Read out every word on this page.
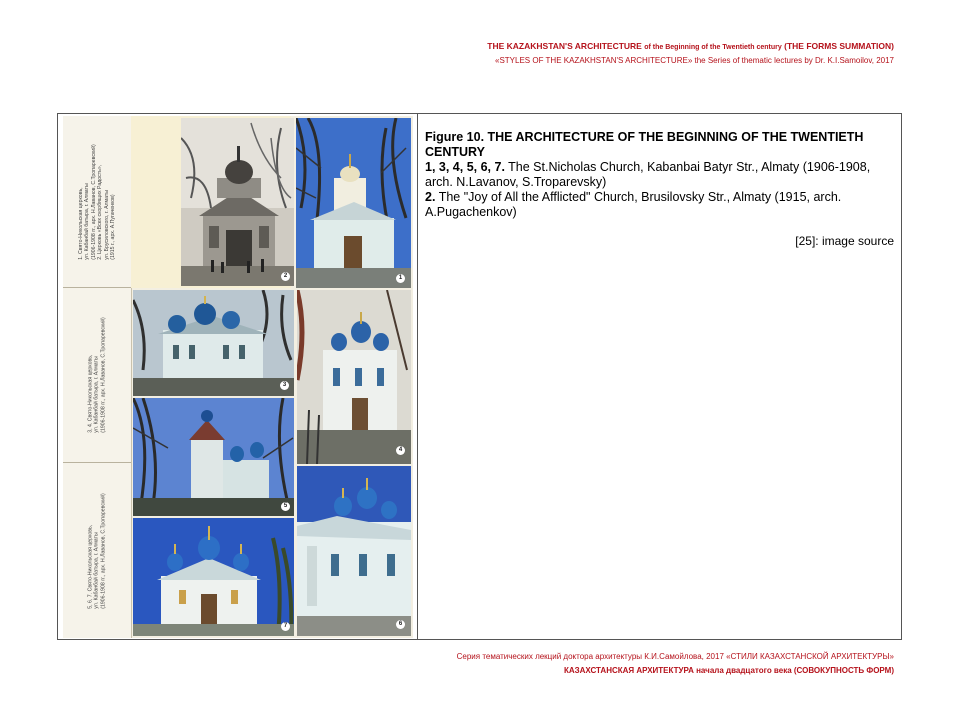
THE KAZAKHSTAN'S ARCHITECTURE of the Beginning of the Twentieth century (THE FORMS SUMMATION)
«STYLES OF THE KAZAKHSTAN'S ARCHITECTURE» the Series of thematic lectures by Dr. K.I.Samoilov, 2017
1. Свято-Никольская церковь,
ул. Кабанбай батыра, г. Алматы
(1906-1908 гг., арх. Н.Лаванов, С.Тропаревский)
2. Церковь «Всех скорбящих Радость»,
ул. Брусиловского, г. Алматы
(1915 г., арх. А.Пугаченков)
3, 4. Свято-Никольская церковь,
ул. Кабанбай батыра, г. Алматы
(1906-1908 гг., арх. Н.Лаванов, С.Тропаревский)
5, 6, 7. Свято-Никольская церковь,
ул. Кабанбай батыра, г. Алматы
(1906-1908 гг., арх. Н.Лаванов, С.Тропаревский)
2	1
3
4
5
6
7
Figure 10. THE ARCHITECTURE OF THE BEGINNING OF THE TWENTIETH CENTURY
1, 3, 4, 5, 6, 7. The St.Nicholas Church, Kabanbai Batyr Str., Almaty (1906-1908, arch. N.Lavanov, S.Troparevsky)
2. The "Joy of All the Afflicted" Church, Brusilovsky Str., Almaty (1915, arch. A.Pugachenkov)
[25]: image source
Серия тематических лекций доктора архитектуры К.И.Самойлова, 2017 «СТИЛИ КАЗАХСТАНСКОЙ АРХИТЕКТУРЫ»
КАЗАХСТАНСКАЯ АРХИТЕКТУРА начала двадцатого века (СОВОКУПНОСТЬ ФОРМ)
